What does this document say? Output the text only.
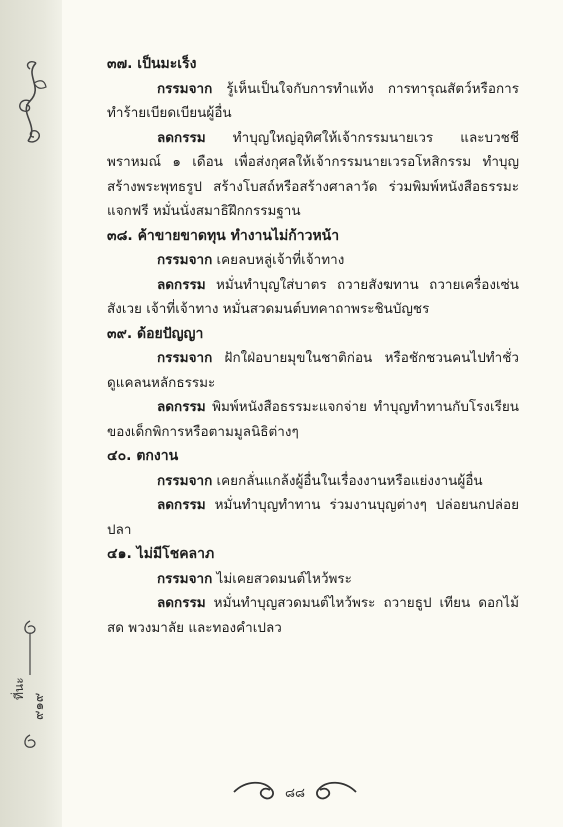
ที่นะ
๙๑๙
๓๗. เป็นมะเร็ง
กรรมจาก รู้เห็นเป็นใจกับการทำแท้ง การทารุณสัตว์หรือการทำร้ายเบียดเบียนผู้อื่น
ลดกรรม ทำบุญใหญ่อุทิศให้เจ้ากรรมนายเวร และบวชชีพราหมณ์ ๑ เดือน เพื่อส่งกุศลให้เจ้ากรรมนายเวรอโหสิกรรม ทำบุญสร้างพระพุทธรูป สร้างโบสถ์หรือสร้างศาลาวัด ร่วมพิมพ์หนังสือธรรมะแจกฟรี หมั่นนั่งสมาธิฝึกกรรมฐาน
๓๘. ค้าขายขาดทุน ทำงานไม่ก้าวหน้า
กรรมจาก เคยลบหลู่เจ้าที่เจ้าทาง
ลดกรรม หมั่นทำบุญใส่บาตร ถวายสังฆทาน ถวายเครื่องเซ่นสังเวย เจ้าที่เจ้าทาง หมั่นสวดมนต์บทคาถาพระชินบัญชร
๓๙. ด้อยปัญญา
กรรมจาก ฝักใฝ่อบายมุขในชาติก่อน หรือชักชวนคนไปทำชั่ว ดูแคลนหลักธรรมะ
ลดกรรม พิมพ์หนังสือธรรมะแจกจ่าย ทำบุญทำทานกับโรงเรียนของเด็กพิการหรือตามมูลนิธิต่างๆ
๔๐. ตกงาน
กรรมจาก เคยกลั่นแกล้งผู้อื่นในเรื่องงานหรือแย่งงานผู้อื่น
ลดกรรม หมั่นทำบุญทำทาน ร่วมงานบุญต่างๆ ปล่อยนกปล่อยปลา
๔๑. ไม่มีโชคลาภ
กรรมจาก ไม่เคยสวดมนต์ไหว้พระ
ลดกรรม หมั่นทำบุญสวดมนต์ไหว้พระ ถวายธูป เทียน ดอกไม้สด พวงมาลัย และทองคำเปลว
๘๘
